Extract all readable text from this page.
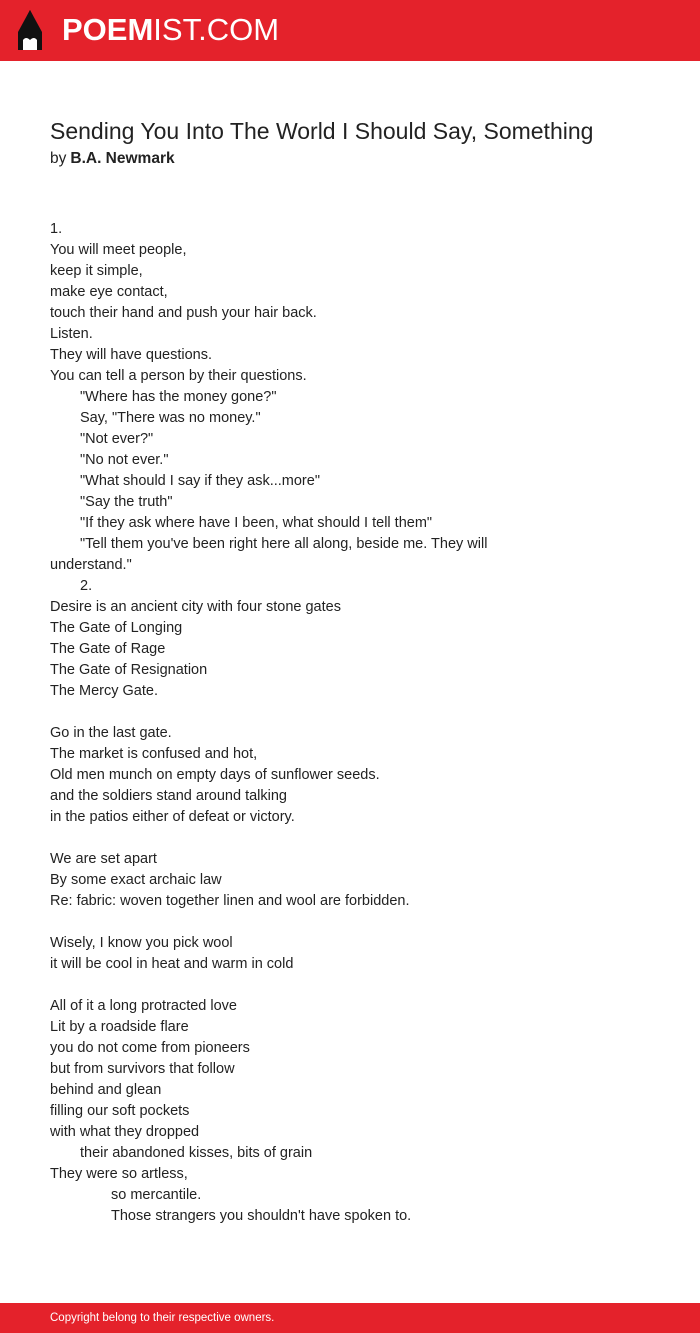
POEMIST.COM
Sending You Into The World I Should Say, Something
by B.A. Newmark
1.
You will meet people,
keep it simple,
make eye contact,
touch their hand and push your hair back.
Listen.
They will have questions.
You can tell a person by their questions.
"Where has the money gone?"
Say, "There was no money."
"Not ever?"
"No not ever."
"What should I say if they ask...more"
"Say the truth"
"If they ask where have I been, what should I tell them"
"Tell them you've been right here all along, beside me. They will
understand."
2.
Desire is an ancient city with four stone gates
The Gate of Longing
The Gate of Rage
The Gate of Resignation
The Mercy Gate.
Go in the last gate.
The market is confused and hot,
Old men munch on empty days of sunflower seeds.
and the soldiers stand around talking
in the patios either of defeat or victory.
We are set apart
By some exact archaic law
Re: fabric: woven together linen and wool are forbidden.
Wisely, I know you pick wool
it will be cool in heat and warm in cold
All of it a long protracted love
Lit by a roadside flare
you do not come from pioneers
but from survivors that follow
behind and glean
filling our soft pockets
with what they dropped
their abandoned kisses, bits of grain
They were so artless,
so mercantile.
Those strangers you shouldn't have spoken to.
Copyright belong to their respective owners.
